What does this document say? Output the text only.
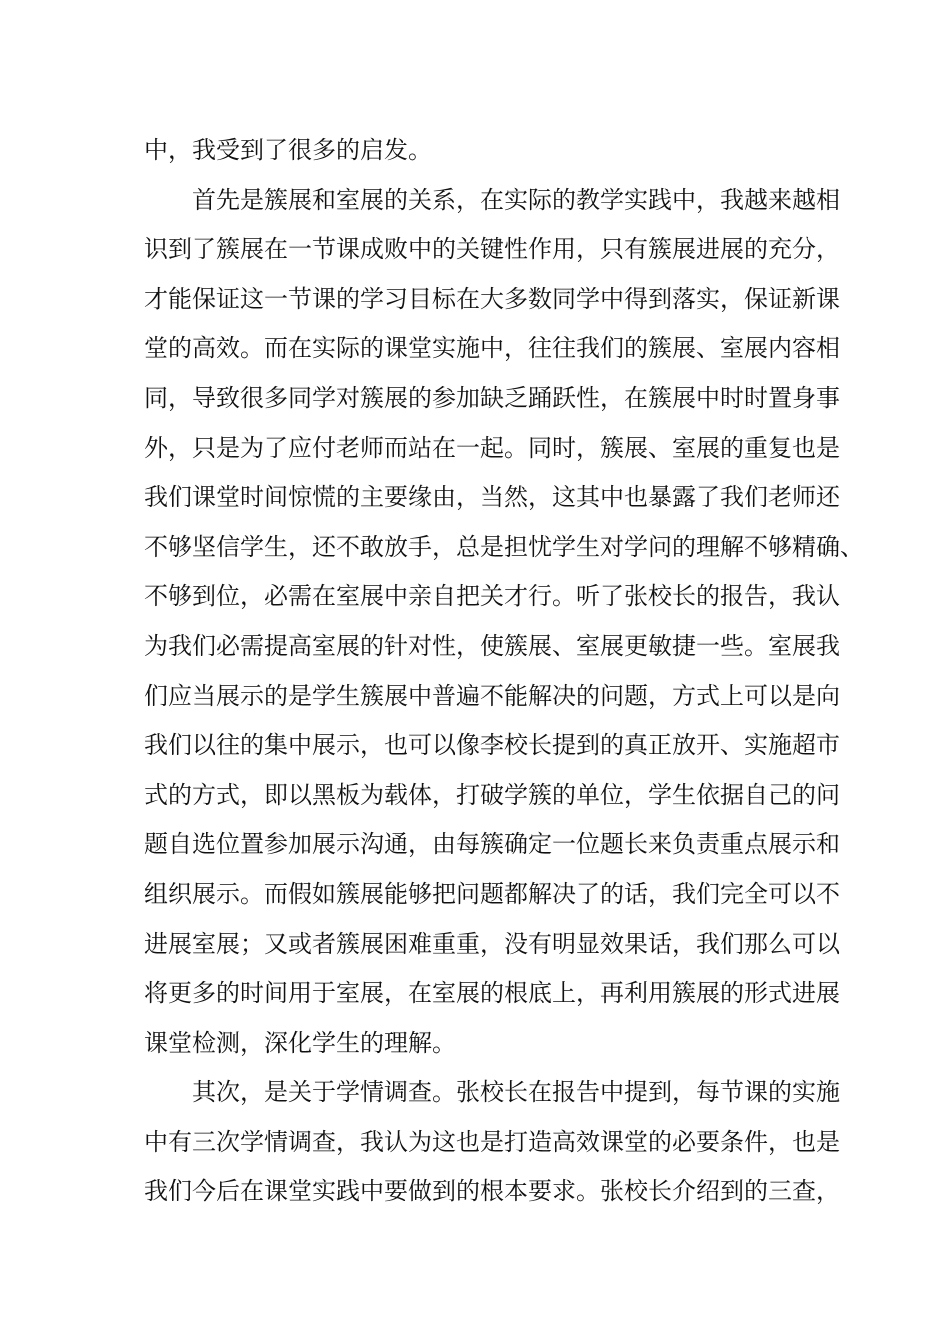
中，我受到了很多的启发。
首先是簇展和室展的关系，在实际的教学实践中，我越来越相
识到了簇展在一节课成败中的关键性作用，只有簇展进展的充分，
才能保证这一节课的学习目标在大多数同学中得到落实，保证新课
堂的高效。而在实际的课堂实施中，往往我们的簇展、室展内容相
同，导致很多同学对簇展的参加缺乏踊跃性，在簇展中时时置身事
外，只是为了应付老师而站在一起。同时，簇展、室展的重复也是
我们课堂时间惊慌的主要缘由，当然，这其中也暴露了我们老师还
不够坚信学生，还不敢放手，总是担忧学生对学问的理解不够精确、
不够到位，必需在室展中亲自把关才行。听了张校长的报告，我认
为我们必需提高室展的针对性，使簇展、室展更敏捷一些。室展我
们应当展示的是学生簇展中普遍不能解决的问题，方式上可以是向
我们以往的集中展示，也可以像李校长提到的真正放开、实施超市
式的方式，即以黑板为载体，打破学簇的单位，学生依据自己的问
题自选位置参加展示沟通，由每簇确定一位题长来负责重点展示和
组织展示。而假如簇展能够把问题都解决了的话，我们完全可以不
进展室展；又或者簇展困难重重，没有明显效果话，我们那么可以
将更多的时间用于室展，在室展的根底上，再利用簇展的形式进展
课堂检测，深化学生的理解。
其次，是关于学情调查。张校长在报告中提到，每节课的实施
中有三次学情调查，我认为这也是打造高效课堂的必要条件，也是
我们今后在课堂实践中要做到的根本要求。张校长介绍到的三查，
